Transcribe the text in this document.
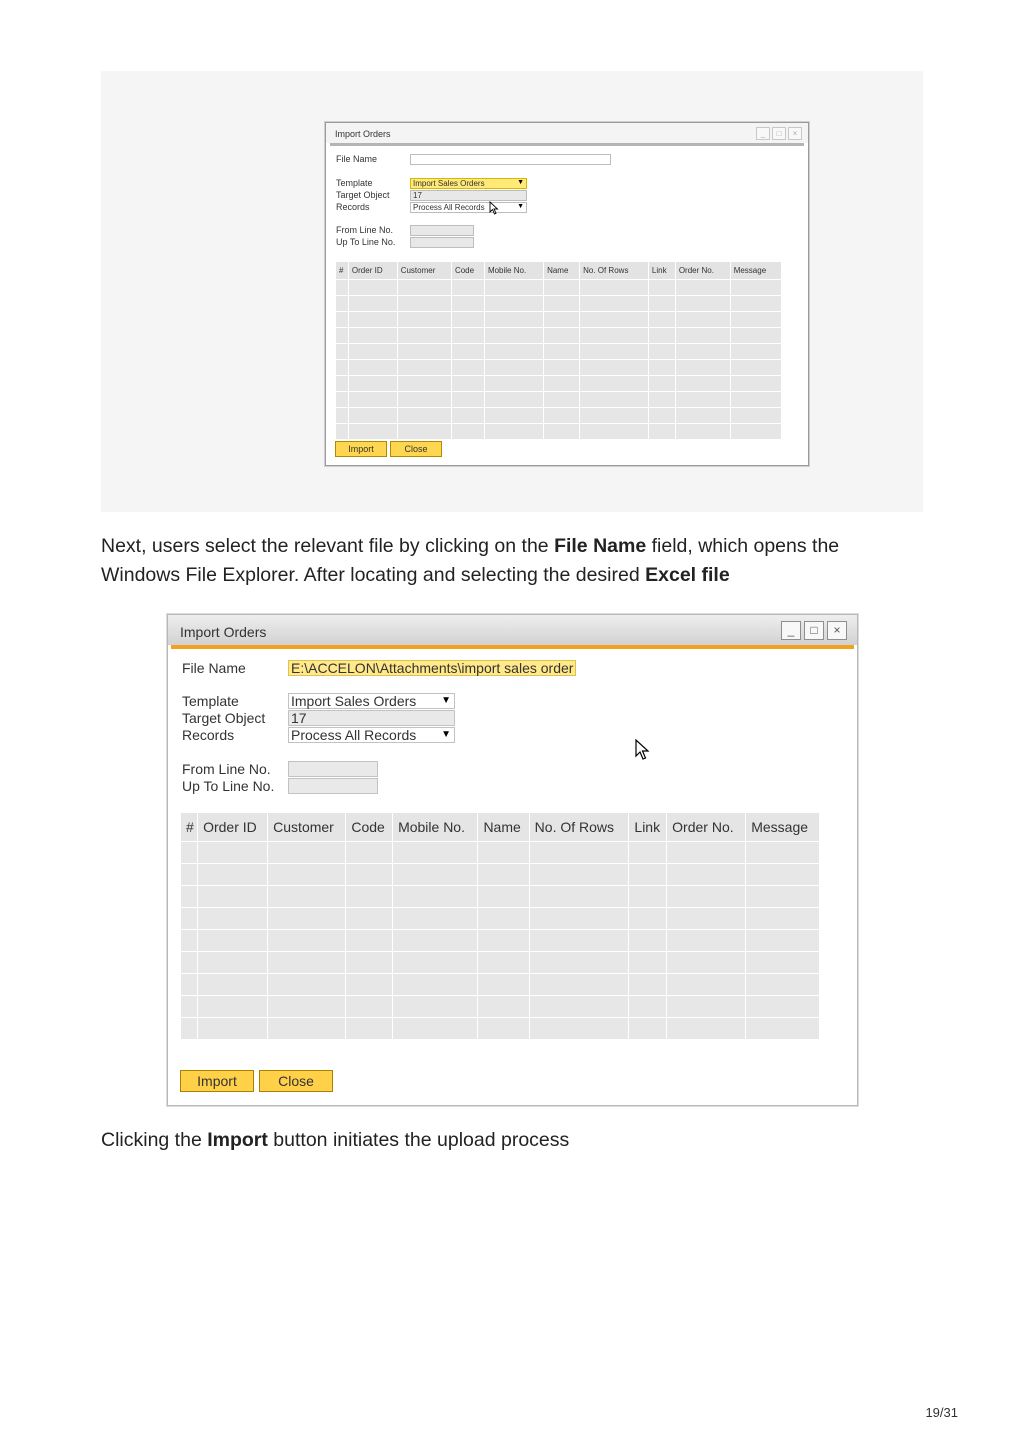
Import Orders	_	□	×
File Name
Template	Import Sales Orders	▼
Target Object	17
Records	Process All Records	▼
From Line No.
Up To Line No.
#	Order ID	Customer	Code	Mobile No.	Name	No. Of Rows	Link	Order No.	Message

Import	Close
Next, users select the relevant file by clicking on the File Name field, which opens the Windows File Explorer. After locating and selecting the desired Excel file
Import Orders	_	□	×
File Name	E:\ACCELON\Attachments\import sales order
Template	Import Sales Orders ▼
Target Object 17
Records	Process All Records ▼
From Line No.
Up To Line No.
#	Order ID	Customer	Code	Mobile No.	Name	No. Of Rows	Link	Order No.	Message

Import	Close
Clicking the Import button initiates the upload process
19/31
